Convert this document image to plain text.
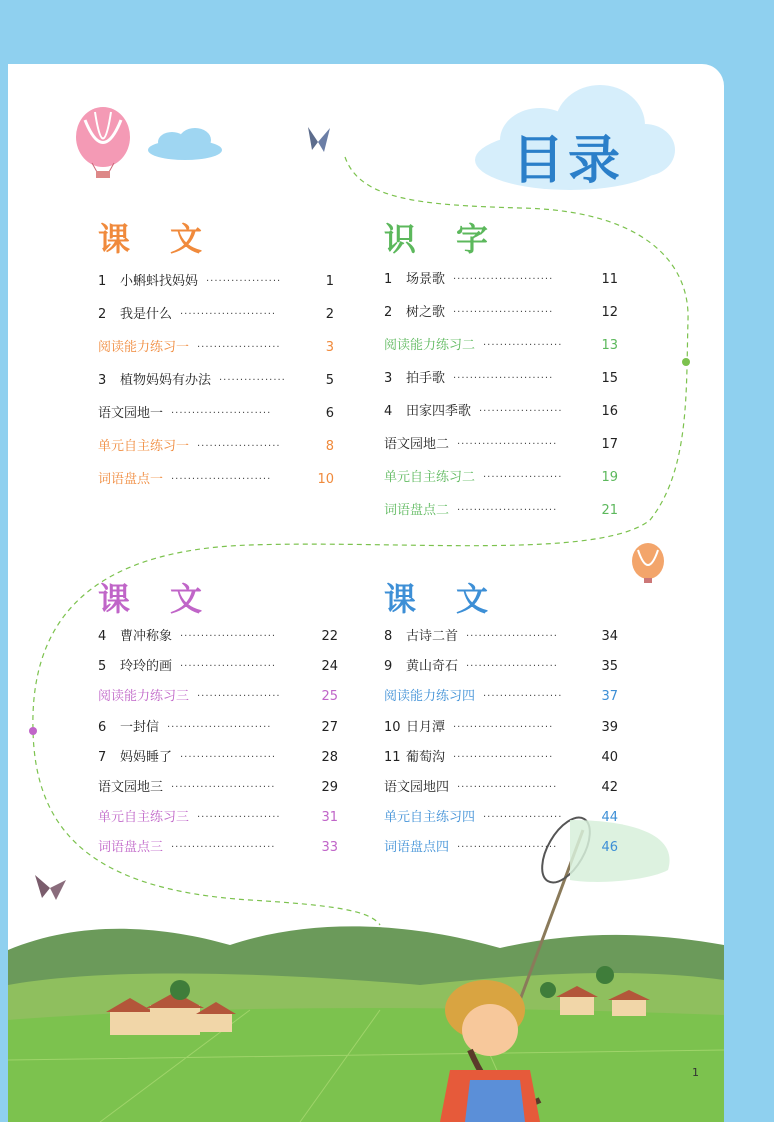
目录
课 文
1 小蝌蚪找妈妈 ··················	1
2 我是什么 ·······················	2
阅读能力练习一 ····················	3
3 植物妈妈有办法 ················	5
语文园地一 ························	6
单元自主练习一 ····················	8
词语盘点一 ························	10
识 字
1 场景歌 ························	11
2 树之歌 ························	12
阅读能力练习二 ···················	13
3 拍手歌 ························	15
4 田家四季歌 ····················	16
语文园地二 ························	17
单元自主练习二 ···················	19
词语盘点二 ························	21
课 文
4 曹冲称象 ·······················	22
5 玲玲的画 ·······················	24
阅读能力练习三 ····················	25
6 一封信 ·························	27
7 妈妈睡了 ·······················	28
语文园地三 ·························	29
单元自主练习三 ····················	31
词语盘点三 ·························	33
课 文
8 古诗二首 ······················	34
9 黄山奇石 ······················	35
阅读能力练习四 ···················	37
10 日月潭 ························	39
11 葡萄沟 ························	40
语文园地四 ························	42
单元自主练习四 ···················	44
词语盘点四 ························	46
1
